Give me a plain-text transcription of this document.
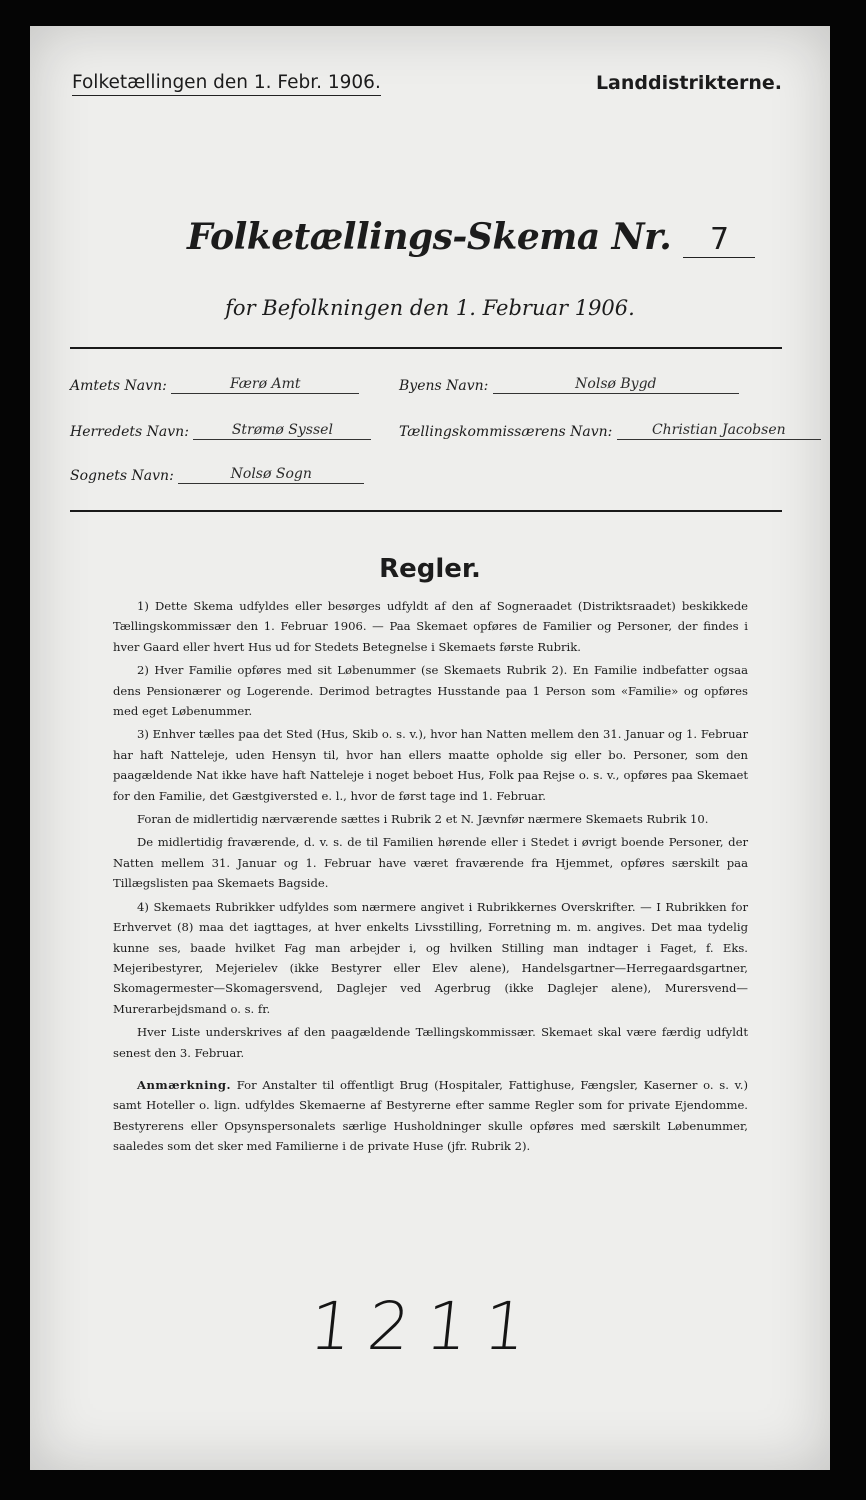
Folketællingen den 1. Febr. 1906.	Landdistrikterne.
Folketællings-Skema Nr. 7
for Befolkningen den 1. Februar 1906.
Amtets Navn:	Færø Amt	Byens Navn:	Nolsø Bygd
Herredets Navn:	Strømø Syssel	Tællingskommissærens Navn:	Christian Jacobsen
Sognets Navn:	Nolsø Sogn
Regler.

1) Dette Skema udfyldes eller besørges udfyldt af den af Sogneraadet (Distriktsraadet) beskikkede Tællingskommissær den 1. Februar 1906. — Paa Skemaet opføres de Familier og Personer, der findes i hver Gaard eller hvert Hus ud for Stedets Betegnelse i Skemaets første Rubrik.

2) Hver Familie opføres med sit Løbenummer (se Skemaets Rubrik 2). En Familie indbefatter ogsaa dens Pensionærer og Logerende. Derimod betragtes Husstande paa 1 Person som «Familie» og opføres med eget Løbenummer.

3) Enhver tælles paa det Sted (Hus, Skib o. s. v.), hvor han Natten mellem den 31. Januar og 1. Februar har haft Natteleje, uden Hensyn til, hvor han ellers maatte opholde sig eller bo. Personer, som den paagældende Nat ikke have haft Natteleje i noget beboet Hus, Folk paa Rejse o. s. v., opføres paa Skemaet for den Familie, det Gæstgiversted e. l., hvor de først tage ind 1. Februar.

Foran de midlertidig nærværende sættes i Rubrik 2 et N. Jævnfør nærmere Skemaets Rubrik 10.

De midlertidig fraværende, d. v. s. de til Familien hørende eller i Stedet i øvrigt boende Personer, der Natten mellem 31. Januar og 1. Februar have været fraværende fra Hjemmet, opføres særskilt paa Tillægslisten paa Skemaets Bagside.

4) Skemaets Rubrikker udfyldes som nærmere angivet i Rubrikkernes Overskrifter. — I Rubrikken for Erhvervet (8) maa det iagttages, at hver enkelts Livsstilling, Forretning m. m. angives. Det maa tydelig kunne ses, baade hvilket Fag man arbejder i, og hvilken Stilling man indtager i Faget, f. Eks. Mejeribestyrer, Mejerielev (ikke Bestyrer eller Elev alene), Handelsgartner—Herregaardsgartner, Skomagermester—Skomagersvend, Daglejer ved Agerbrug (ikke Daglejer alene), Murersvend—Murerarbejdsmand o. s. fr.

Hver Liste underskrives af den paagældende Tællingskommissær. Skemaet skal være færdig udfyldt senest den 3. Februar.

Anmærkning. For Anstalter til offentligt Brug (Hospitaler, Fattighuse, Fængsler, Kaserner o. s. v.) samt Hoteller o. lign. udfyldes Skemaerne af Bestyrerne efter samme Regler som for private Ejendomme. Bestyrerens eller Opsynspersonalets særlige Husholdninger skulle opføres med særskilt Løbenummer, saaledes som det sker med Familierne i de private Huse (jfr. Rubrik 2).

1211
